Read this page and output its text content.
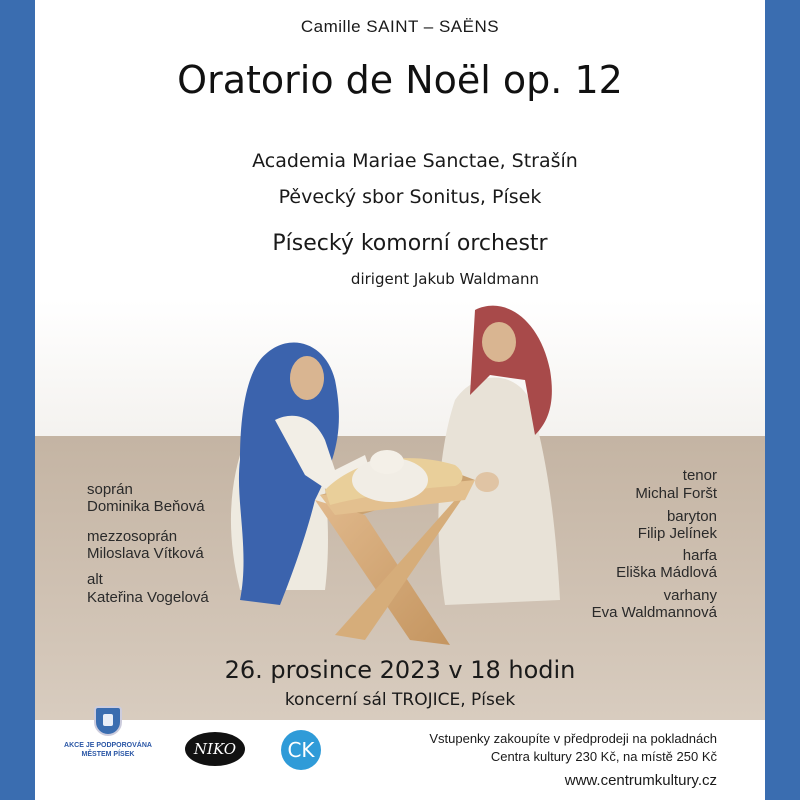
Camille SAINT – SAËNS
Oratorio de Noël op. 12
Academia Mariae Sanctae, Strašín
Pěvecký sbor Sonitus, Písek
Písecký komorní orchestr
dirigent Jakub Waldmann
soprán
Dominika Beňová
mezzosoprán
Miloslava Vítková
alt
Kateřina Vogelová
tenor
Michal Foršt
baryton
Filip Jelínek
harfa
Eliška Mádlová
varhany
Eva Waldmannová
26. prosince 2023 v 18 hodin
koncerní sál TROJICE, Písek
AKCE JE PODPOROVÁNA
MĚSTEM PÍSEK	NIKO	CK	Vstupenky zakoupíte v předprodeji na pokladnách
Centra kultury 230 Kč, na místě 250 Kč
www.centrumkultury.cz
